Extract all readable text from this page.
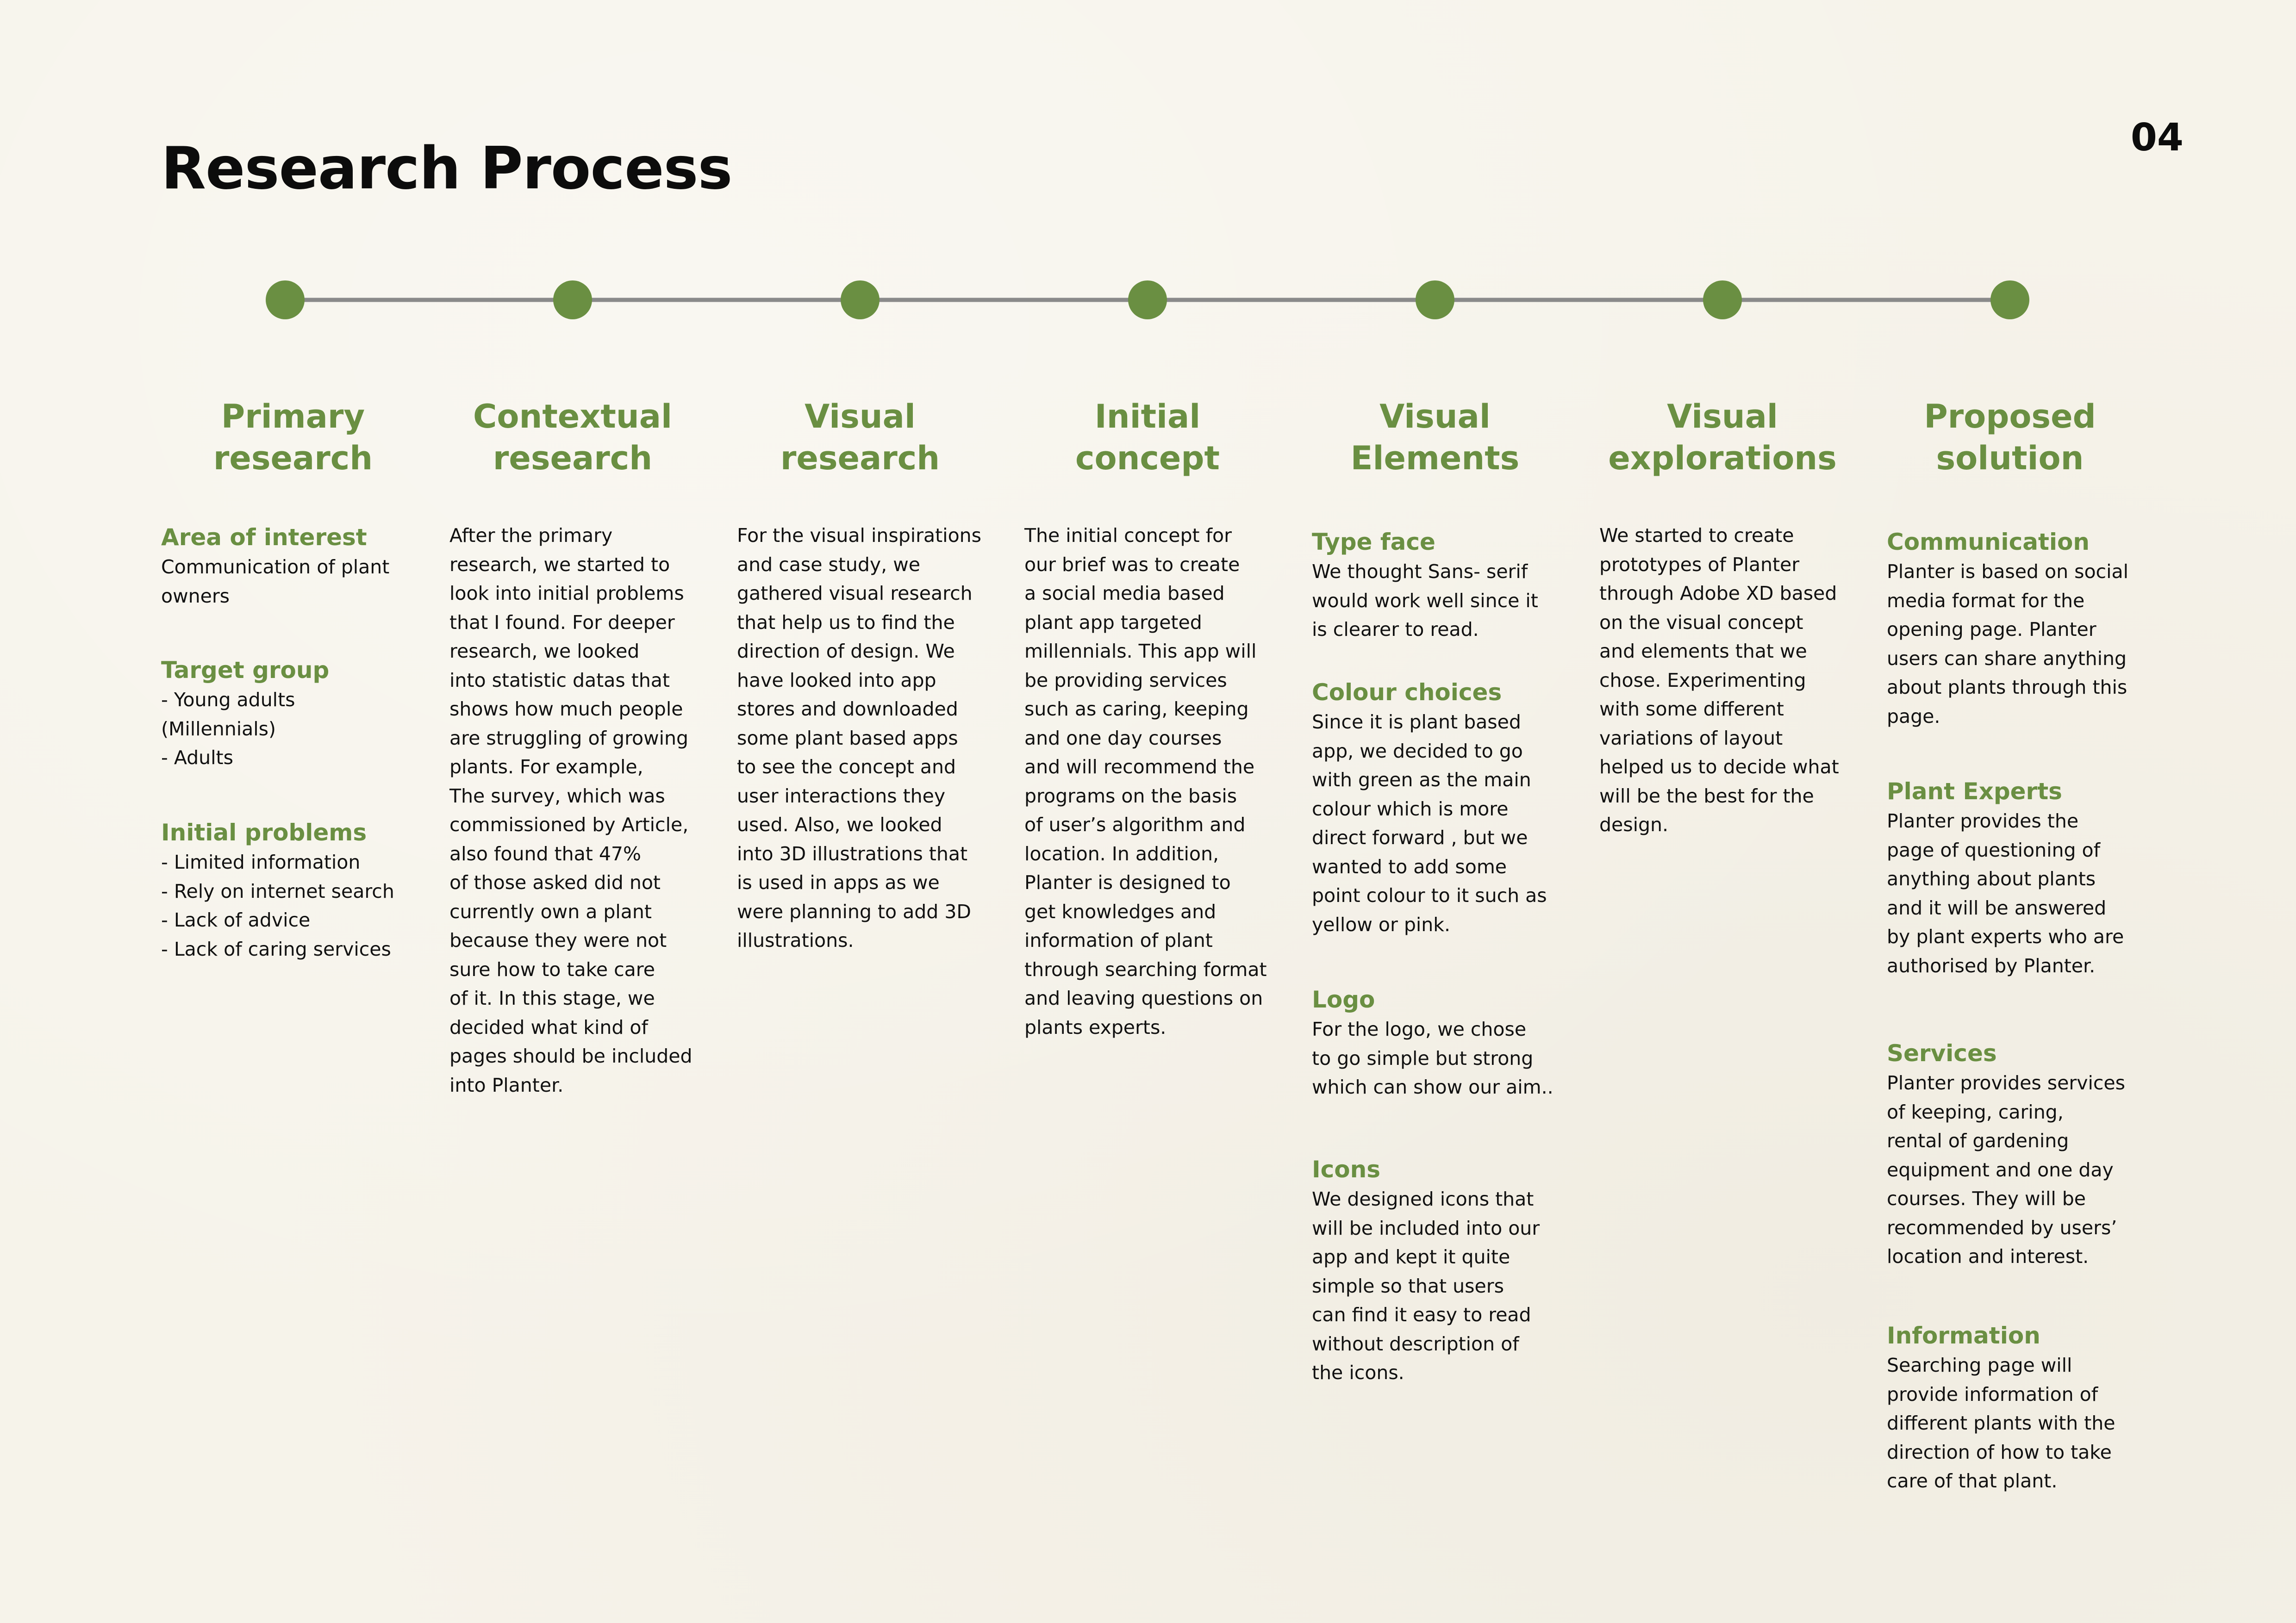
Research Process	04
Primary
research
Area of interest
Communication of plant
owners
Target group
- Young adults
(Millennials)
- Adults
Initial problems
- Limited information
- Rely on internet search
- Lack of advice
- Lack of caring services
Contextual
research
After the primary
research, we started to
look into initial problems
that I found. For deeper
research, we looked
into statistic datas that
shows how much people
are struggling of growing
plants. For example,
The survey, which was
commissioned by Article,
also found that 47%
of those asked did not
currently own a plant
because they were not
sure how to take care
of it. In this stage, we
decided what kind of
pages should be included
into Planter.
Visual
research
For the visual inspirations
and case study, we
gathered visual research
that help us to find the
direction of design. We
have looked into app
stores and downloaded
some plant based apps
to see the concept and
user interactions they
used. Also, we looked
into 3D illustrations that
is used in apps as we
were planning to add 3D
illustrations.
Initial
concept
The initial concept for
our brief was to create
a social media based
plant app targeted
millennials. This app will
be providing services
such as caring, keeping
and one day courses
and will recommend the
programs on the basis
of user’s algorithm and
location. In addition,
Planter is designed to
get knowledges and
information of plant
through searching format
and leaving questions on
plants experts.
Visual
Elements
Type face
We thought Sans- serif
would work well since it
is clearer to read.
Colour choices
Since it is plant based
app, we decided to go
with green as the main
colour which is more
direct forward , but we
wanted to add some
point colour to it such as
yellow or pink.
Logo
For the logo, we chose
to go simple but strong
which can show our aim..
Icons
We designed icons that
will be included into our
app and kept it quite
simple so that users
can find it easy to read
without description of
the icons.
Visual
explorations
We started to create
prototypes of Planter
through Adobe XD based
on the visual concept
and elements that we
chose. Experimenting
with some different
variations of layout
helped us to decide what
will be the best for the
design.
Proposed
solution
Communication
Planter is based on social
media format for the
opening page. Planter
users can share anything
about plants through this
page.
Plant Experts
Planter provides the
page of questioning of
anything about plants
and it will be answered
by plant experts who are
authorised by Planter.
Services
Planter provides services
of keeping, caring,
rental of gardening
equipment and one day
courses. They will be
recommended by users’
location and interest.
Information
Searching page will
provide information of
different plants with the
direction of how to take
care of that plant.
